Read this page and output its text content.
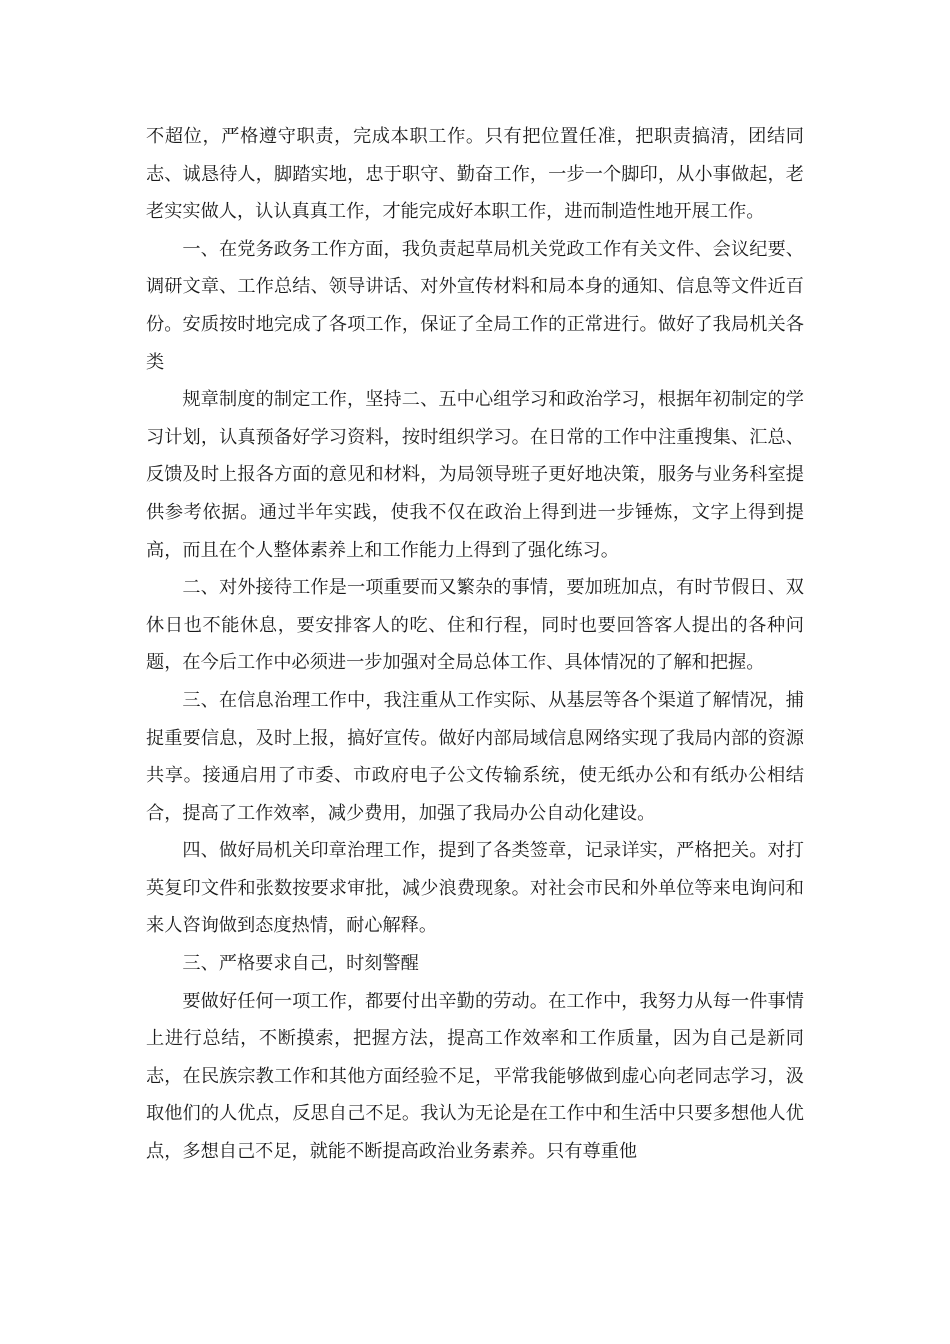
不超位，严格遵守职责，完成本职工作。只有把位置任准，把职责搞清，团结同志、诚恳待人，脚踏实地，忠于职守、勤奋工作，一步一个脚印，从小事做起，老老实实做人，认认真真工作，才能完成好本职工作，进而制造性地开展工作。

一、在党务政务工作方面，我负责起草局机关党政工作有关文件、会议纪要、调研文章、工作总结、领导讲话、对外宣传材料和局本身的通知、信息等文件近百份。安质按时地完成了各项工作，保证了全局工作的正常进行。做好了我局机关各类

规章制度的制定工作，坚持二、五中心组学习和政治学习，根据年初制定的学习计划，认真预备好学习资料，按时组织学习。在日常的工作中注重搜集、汇总、反馈及时上报各方面的意见和材料，为局领导班子更好地决策，服务与业务科室提供参考依据。通过半年实践，使我不仅在政治上得到进一步锤炼，文字上得到提高，而且在个人整体素养上和工作能力上得到了强化练习。

二、对外接待工作是一项重要而又繁杂的事情，要加班加点，有时节假日、双休日也不能休息，要安排客人的吃、住和行程，同时也要回答客人提出的各种问题，在今后工作中必须进一步加强对全局总体工作、具体情况的了解和把握。

三、在信息治理工作中，我注重从工作实际、从基层等各个渠道了解情况，捕捉重要信息，及时上报，搞好宣传。做好内部局域信息网络实现了我局内部的资源共享。接通启用了市委、市政府电子公文传输系统，使无纸办公和有纸办公相结合，提高了工作效率，减少费用，加强了我局办公自动化建设。

四、做好局机关印章治理工作，提到了各类签章，记录详实，严格把关。对打英复印文件和张数按要求审批，减少浪费现象。对社会市民和外单位等来电询问和来人咨询做到态度热情，耐心解释。

三、严格要求自己，时刻警醒

要做好任何一项工作，都要付出辛勤的劳动。在工作中，我努力从每一件事情上进行总结，不断摸索，把握方法，提高工作效率和工作质量，因为自己是新同志，在民族宗教工作和其他方面经验不足，平常我能够做到虚心向老同志学习，汲取他们的人优点，反思自己不足。我认为无论是在工作中和生活中只要多想他人优点，多想自己不足，就能不断提高政治业务素养。只有尊重他
